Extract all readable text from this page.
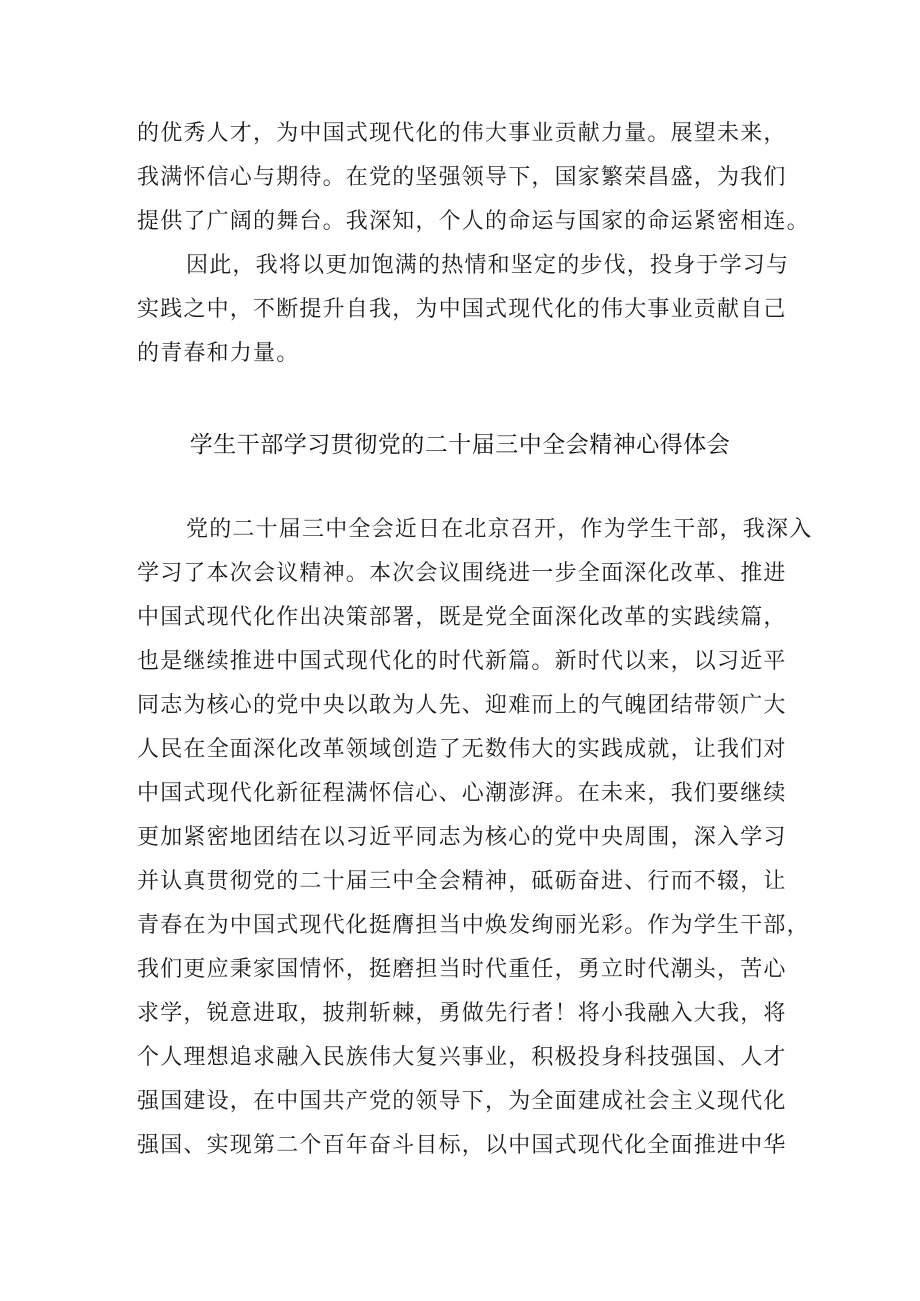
的优秀人才，为中国式现代化的伟大事业贡献力量。展望未来，
我满怀信心与期待。在党的坚强领导下，国家繁荣昌盛，为我们
提供了广阔的舞台。我深知，个人的命运与国家的命运紧密相连。
因此，我将以更加饱满的热情和坚定的步伐，投身于学习与
实践之中，不断提升自我，为中国式现代化的伟大事业贡献自己
的青春和力量。
学生干部学习贯彻党的二十届三中全会精神心得体会
党的二十届三中全会近日在北京召开，作为学生干部，我深入
学习了本次会议精神。本次会议围绕进一步全面深化改革、推进
中国式现代化作出决策部署，既是党全面深化改革的实践续篇，
也是继续推进中国式现代化的时代新篇。新时代以来，以习近平
同志为核心的党中央以敢为人先、迎难而上的气魄团结带领广大
人民在全面深化改革领域创造了无数伟大的实践成就，让我们对
中国式现代化新征程满怀信心、心潮澎湃。在未来，我们要继续
更加紧密地团结在以习近平同志为核心的党中央周围，深入学习
并认真贯彻党的二十届三中全会精神，砥砺奋进、行而不辍，让
青春在为中国式现代化挺膺担当中焕发绚丽光彩。作为学生干部，
我们更应秉家国情怀，挺磨担当时代重任，勇立时代潮头，苦心
求学，锐意进取，披荆斩棘，勇做先行者！将小我融入大我，将
个人理想追求融入民族伟大复兴事业，积极投身科技强国、人才
强国建设，在中国共产党的领导下，为全面建成社会主义现代化
强国、实现第二个百年奋斗目标，以中国式现代化全面推进中华
